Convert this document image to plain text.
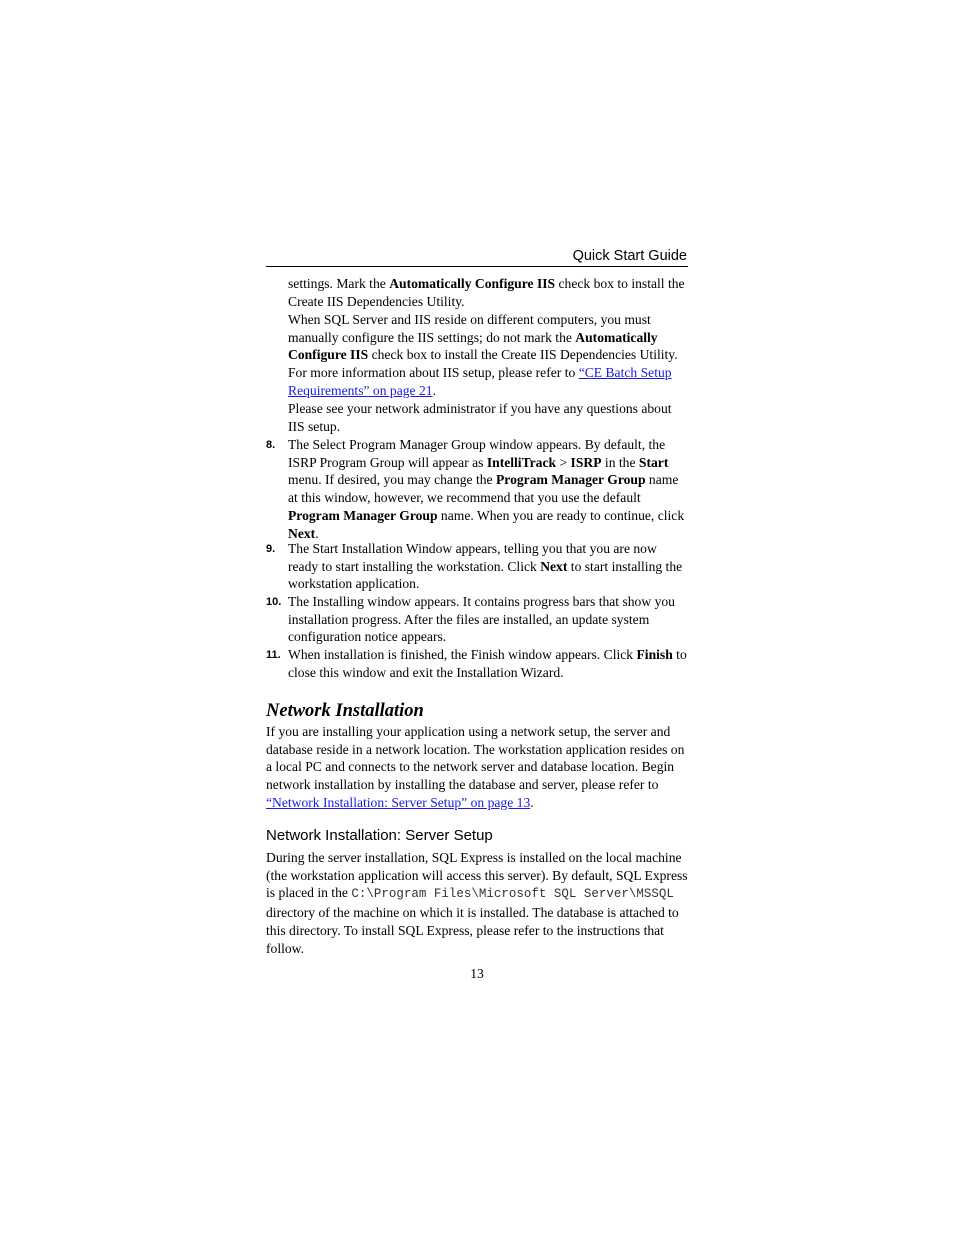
Quick Start Guide

settings. Mark the Automatically Configure IIS check box to install the Create IIS Dependencies Utility.

When SQL Server and IIS reside on different computers, you must manually configure the IIS settings; do not mark the Automatically Configure IIS check box to install the Create IIS Dependencies Utility. For more information about IIS setup, please refer to “CE Batch Setup Requirements” on page 21.

Please see your network administrator if you have any questions about IIS setup.

8. The Select Program Manager Group window appears. By default, the ISRP Program Group will appear as IntelliTrack > ISRP in the Start menu. If desired, you may change the Program Manager Group name at this window, however, we recommend that you use the default Program Manager Group name. When you are ready to continue, click Next.

9. The Start Installation Window appears, telling you that you are now ready to start installing the workstation. Click Next to start installing the workstation application.

10. The Installing window appears. It contains progress bars that show you installation progress. After the files are installed, an update system configuration notice appears.

11. When installation is finished, the Finish window appears. Click Finish to close this window and exit the Installation Wizard.

Network Installation

If you are installing your application using a network setup, the server and database reside in a network location. The workstation application resides on a local PC and connects to the network server and database location. Begin network installation by installing the database and server, please refer to “Network Installation: Server Setup” on page 13.

Network Installation: Server Setup

During the server installation, SQL Express is installed on the local machine (the workstation application will access this server). By default, SQL Express is placed in the C:\Program Files\Microsoft SQL Server\MSSQL directory of the machine on which it is installed. The database is attached to this directory. To install SQL Express, please refer to the instructions that follow.

13
